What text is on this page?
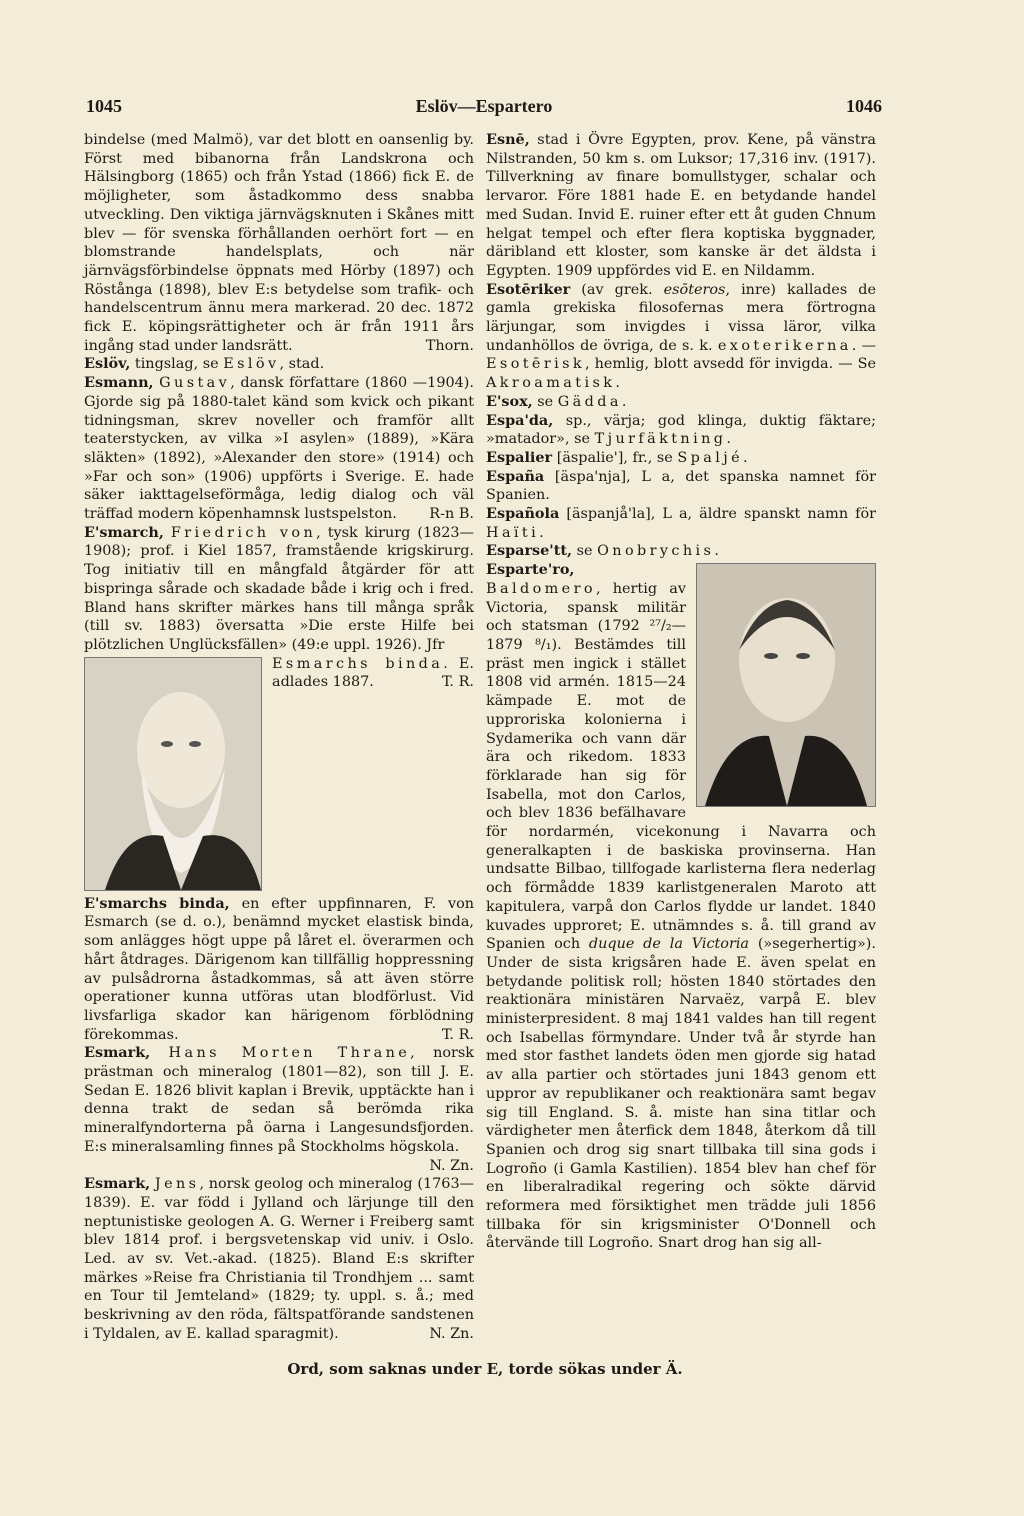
1045	Eslöv—Espartero	1046

bindelse (med Malmö), var det blott en oansenlig by. Först med bibanorna från Landskrona och Hälsingborg (1865) och från Ystad (1866) fick E. de möjligheter, som åstadkommo dess snabba utveckling. Den viktiga järnvägsknuten i Skånes mitt blev — för svenska förhållanden oerhört fort — en blomstrande handelsplats, och när järnvägsförbindelse öppnats med Hörby (1897) och Röstånga (1898), blev E:s betydelse som trafik- och handelscentrum ännu mera markerad. 20 dec. 1872 fick E. köpingsrättigheter och är från 1911 års ingång stad under landsrätt.	Thorn.

Eslöv, tingslag, se Eslöv, stad.

Esmann, Gustav, dansk författare (1860 —1904). Gjorde sig på 1880-talet känd som kvick och pikant tidningsman, skrev noveller och framför allt teaterstycken, av vilka »I asylen» (1889), »Kära släkten» (1892), »Alexander den store» (1914) och »Far och son» (1906) uppförts i Sverige. E. hade säker iakttagelseförmåga, ledig dialog och väl träffad modern köpenhamnsk lustspelston. R-n B.

E'smarch, Friedrich von, tysk kirurg (1823—1908); prof. i Kiel 1857, framstående krigskirurg. Tog initiativ till en mångfald åtgärder för att bispringa sårade och skadade både i krig och i fred. Bland hans skrifter märkes hans till många språk (till sv. 1883) översatta »Die erste Hilfe bei plötzlichen Unglücksfällen» (49:e uppl. 1926). Jfr

Esmarchs binda. E. adlades 1887.	T. R.

E'smarchs binda, en efter uppfinnaren, F. von Esmarch (se d. o.), benämnd mycket elastisk binda, som anlägges högt uppe på låret el. överarmen och hårt åtdrages. Därigenom kan tillfällig hoppressning av pulsådrorna åstadkommas, så att även större operationer kunna utföras utan blodförlust. Vid livsfarliga skador kan härigenom förblödning förekommas.	T. R.

Esmark, Hans Morten Thrane, norsk prästman och mineralog (1801—82), son till J. E. Sedan E. 1826 blivit kaplan i Brevik, upptäckte han i denna trakt de sedan så berömda rika mineralfyndorterna på öarna i Langesundsfjorden. E:s mineralsamling finnes på Stockholms högskola.
N. Zn.

Esmark, Jens, norsk geolog och mineralog (1763—1839). E. var född i Jylland och lärjunge till den neptunistiske geologen A. G. Werner i Freiberg samt blev 1814 prof. i bergsvetenskap vid univ. i Oslo. Led. av sv. Vet.-akad. (1825). Bland E:s skrifter märkes »Reise fra Christiania til Trondhjem ... samt en Tour til Jemteland» (1829; ty. uppl. s. å.; med beskrivning av den röda, fältspatförande sandstenen i Tyldalen, av E. kallad sparagmit).	N. Zn.

Esnē, stad i Övre Egypten, prov. Kene, på vänstra Nilstranden, 50 km s. om Luksor; 17,316 inv. (1917). Tillverkning av finare bomullstyger, schalar och lervaror. Före 1881 hade E. en betydande handel med Sudan. Invid E. ruiner efter ett åt guden Chnum helgat tempel och efter flera koptiska byggnader, däribland ett kloster, som kanske är det äldsta i Egypten. 1909 uppfördes vid E. en Nildamm.

Esotēriker (av grek. esōteros, inre) kallades de gamla grekiska filosofernas mera förtrogna lärjungar, som invigdes i vissa läror, vilka undanhöllos de övriga, de s. k. exoterikerna. — Esotērisk, hemlig, blott avsedd för invigda. — Se Akroamatisk.

E'sox, se Gädda.

Espa'da, sp., värja; god klinga, duktig fäktare; »matador», se Tjurfäktning.

Espalier [äspalie'], fr., se Spaljé.

España [äspa'nja], L a, det spanska namnet för Spanien.

Española [äspanjå'la], L a, äldre spanskt namn för Haïti.

Esparse'tt, se Onobrychis.

Esparte'ro, Baldomero, hertig av Victoria, spansk militär och statsman (1792 ²⁷/₂—1879 ⁸/₁). Bestämdes till präst men ingick i stället 1808 vid armén. 1815—24 kämpade E. mot de upproriska kolonierna i Sydamerika och vann där ära och rikedom. 1833 förklarade han sig för Isabella, mot don Carlos, och blev 1836 befälhavare för nordarmén, vicekonung i Navarra och generalkapten i de baskiska provinserna. Han undsatte Bilbao, tillfogade karlisterna flera nederlag och förmådde 1839 karlistgeneralen Maroto att kapitulera, varpå don Carlos flydde ur landet. 1840 kuvades upproret; E. utnämndes s. å. till grand av Spanien och duque de la Victoria (»segerhertig»). Under de sista krigsåren hade E. även spelat en betydande politisk roll; hösten 1840 störtades den reaktionära ministären Narvaëz, varpå E. blev ministerpresident. 8 maj 1841 valdes han till regent och Isabellas förmyndare. Under två år styrde han med stor fasthet landets öden men gjorde sig hatad av alla partier och störtades juni 1843 genom ett uppror av republikaner och reaktionära samt begav sig till England. S. å. miste han sina titlar och värdigheter men återfick dem 1848, återkom då till Spanien och drog sig snart tillbaka till sina gods i Logroño (i Gamla Kastilien). 1854 blev han chef för en liberalradikal regering och sökte därvid reformera med försiktighet men trädde juli 1856 tillbaka för sin krigsminister O'Donnell och återvände till Logroño. Snart drog han sig all-

Ord, som saknas under E, torde sökas under Ä.
